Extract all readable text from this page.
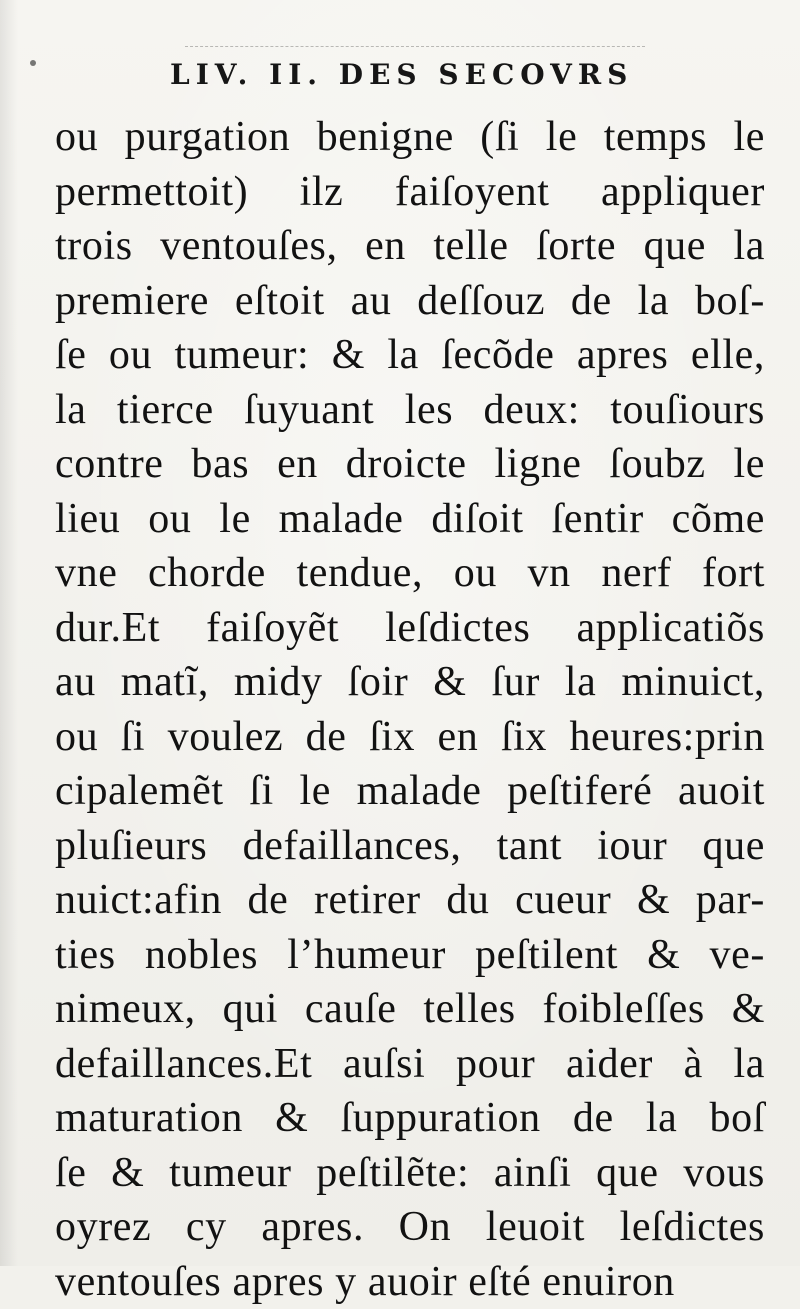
LIV. II. DES SECOVRS
ou purgation benigne (ſi le temps le
permettoit) ilz faiſoyent appliquer
trois ventouſes, en telle ſorte que la
premiere eſtoit au deſſouz de la boſ-
ſe ou tumeur: & la ſecõde apres elle,
la tierce ſuyuant les deux: touſiours
contre bas en droicte ligne ſoubz le
lieu ou le malade diſoit ſentir cõme
vne chorde tendue, ou vn nerf fort
dur.Et faiſoyẽt leſdictes applicatiõs
au matĩ, midy ſoir & ſur la minuict,
ou ſi voulez de ſix en ſix heures:prin
cipalemẽt ſi le malade peſtiferé auoit
pluſieurs defaillances, tant iour que
nuict:afin de retirer du cueur & par-
ties nobles l’humeur peſtilent & ve-
nimeux, qui cauſe telles foibleſſes &
defaillances.Et auſsi pour aider à la
maturation & ſuppuration de la boſ
ſe & tumeur peſtilẽte: ainſi que vous
oyrez cy apres. On leuoit leſdictes
ventouſes apres y auoir eſté enuiron
